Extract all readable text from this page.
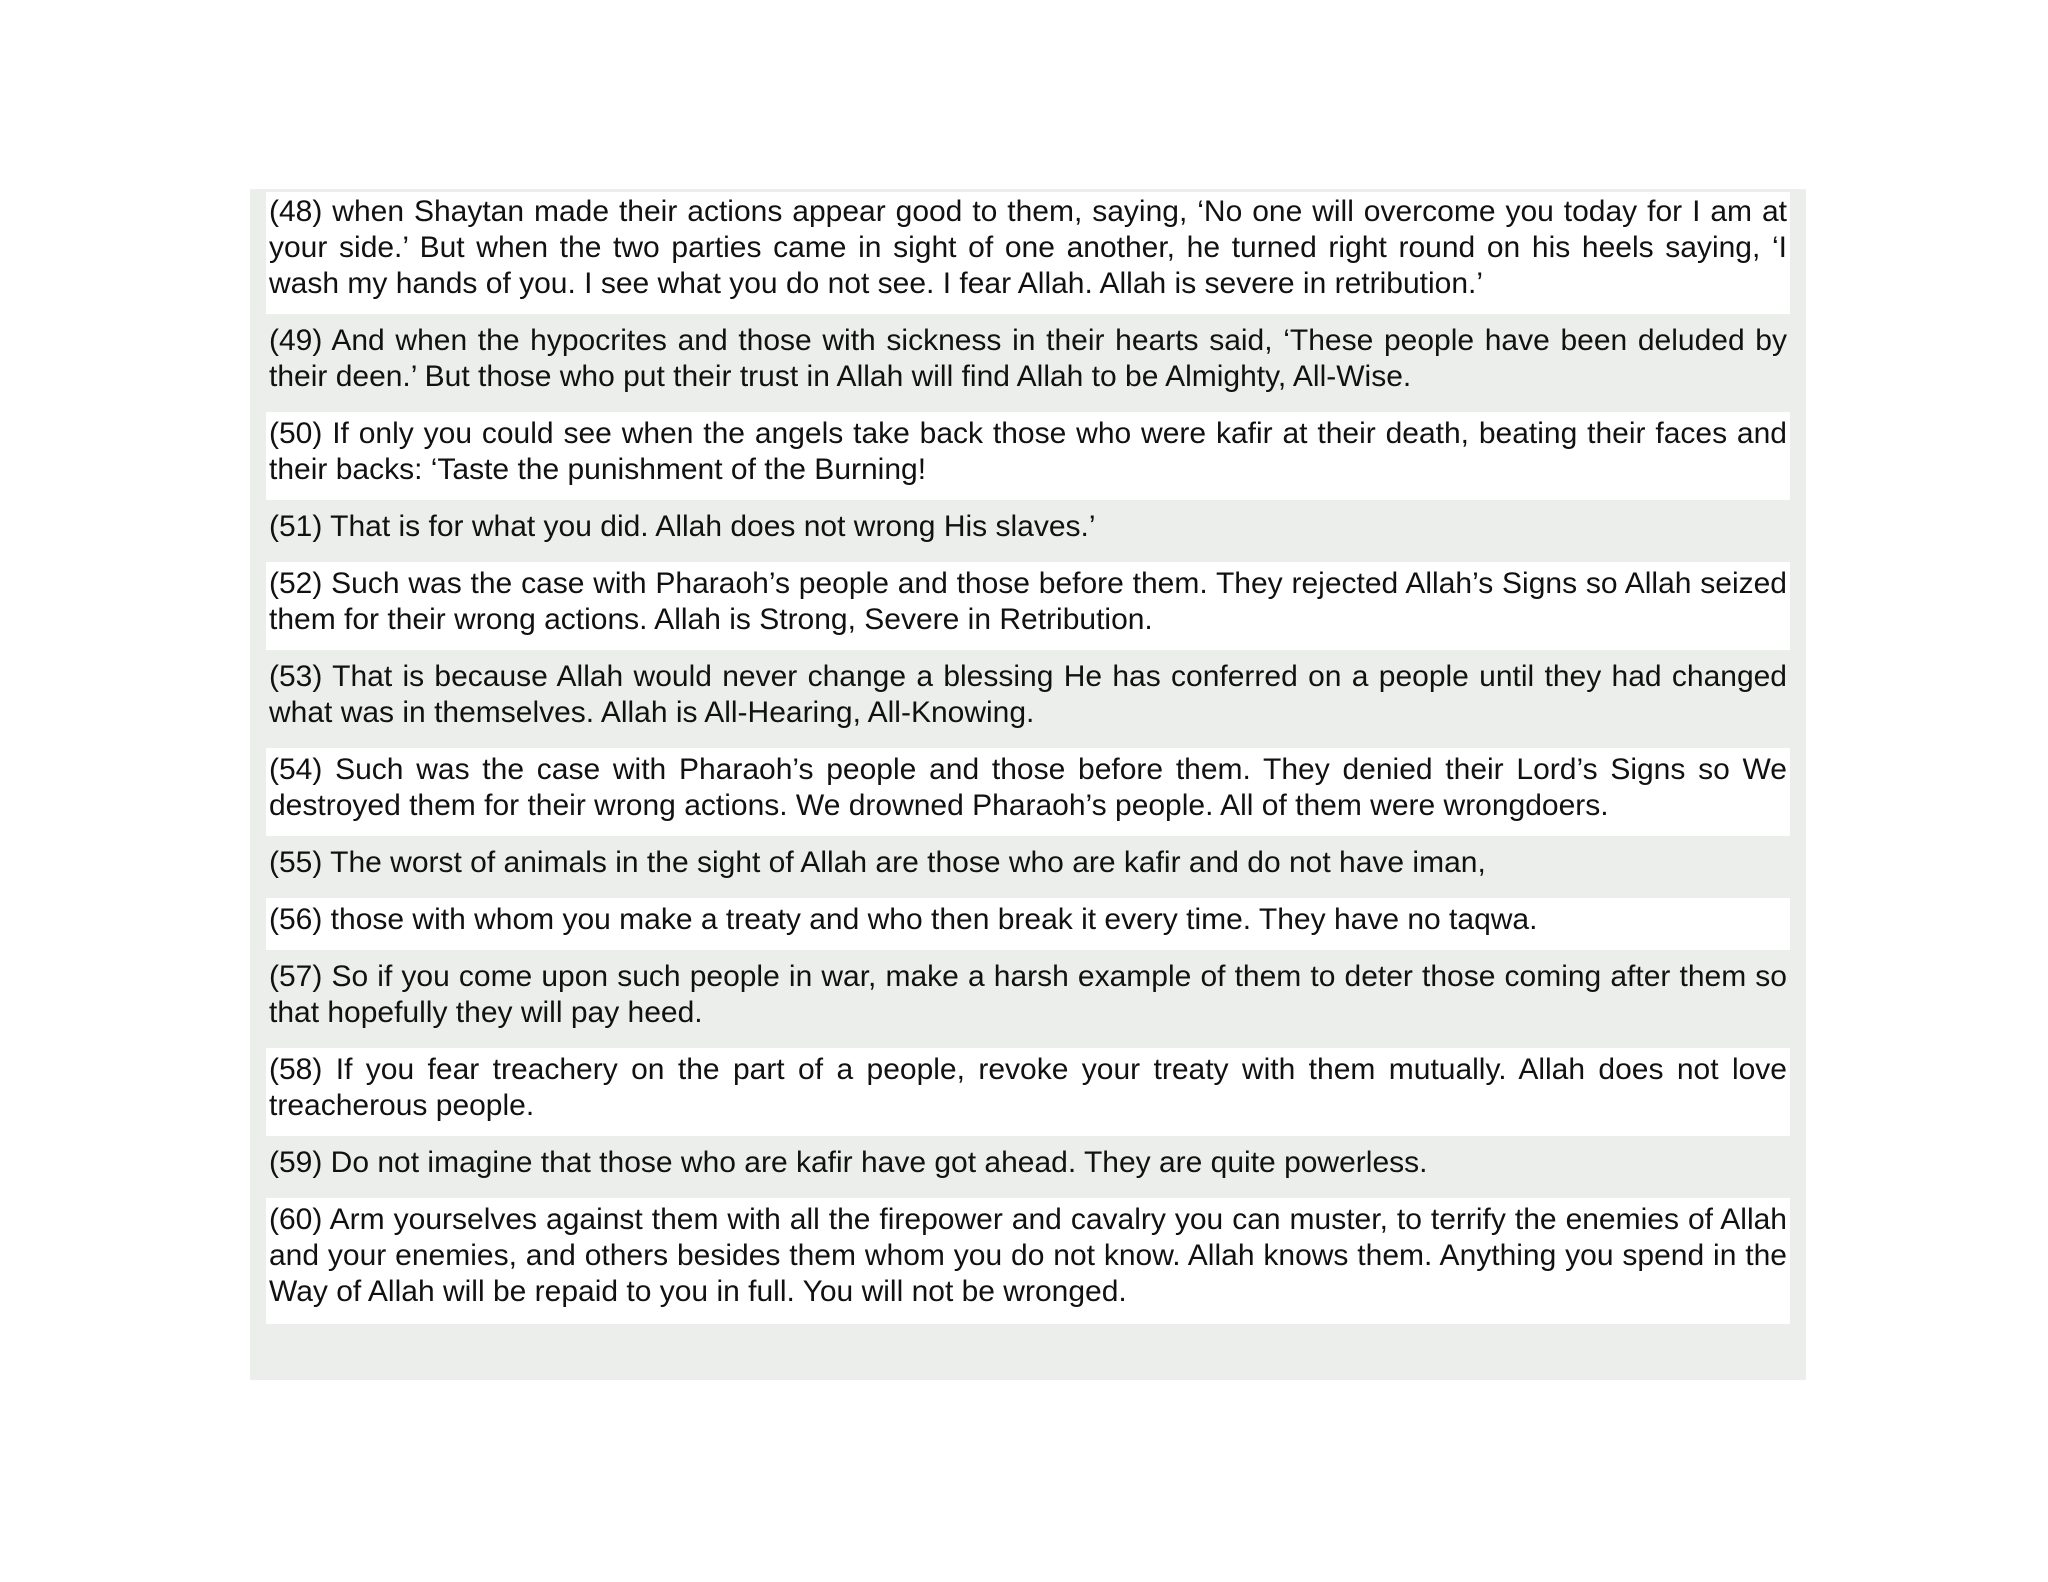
(48) when Shaytan made their actions appear good to them, saying, ‘No one will overcome you today for I am at your side.’ But when the two parties came in sight of one another, he turned right round on his heels saying, ‘I wash my hands of you. I see what you do not see. I fear Allah. Allah is severe in retribution.’

(49) And when the hypocrites and those with sickness in their hearts said, ‘These people have been deluded by their deen.’ But those who put their trust in Allah will find Allah to be Almighty, All-Wise.

(50) If only you could see when the angels take back those who were kafir at their death, beating their faces and their backs: ‘Taste the punishment of the Burning!

(51) That is for what you did. Allah does not wrong His slaves.’

(52) Such was the case with Pharaoh’s people and those before them. They rejected Allah’s Signs so Allah seized them for their wrong actions. Allah is Strong, Severe in Retribution.

(53) That is because Allah would never change a blessing He has conferred on a people until they had changed what was in themselves. Allah is All-Hearing, All-Knowing.

(54) Such was the case with Pharaoh’s people and those before them. They denied their Lord’s Signs so We destroyed them for their wrong actions. We drowned Pharaoh’s people. All of them were wrongdoers.

(55) The worst of animals in the sight of Allah are those who are kafir and do not have iman,

(56) those with whom you make a treaty and who then break it every time. They have no taqwa.

(57) So if you come upon such people in war, make a harsh example of them to deter those coming after them so that hopefully they will pay heed.

(58) If you fear treachery on the part of a people, revoke your treaty with them mutually. Allah does not love treacherous people.

(59) Do not imagine that those who are kafir have got ahead. They are quite powerless.

(60) Arm yourselves against them with all the firepower and cavalry you can muster, to terrify the enemies of Allah and your enemies, and others besides them whom you do not know. Allah knows them. Anything you spend in the Way of Allah will be repaid to you in full. You will not be wronged.
